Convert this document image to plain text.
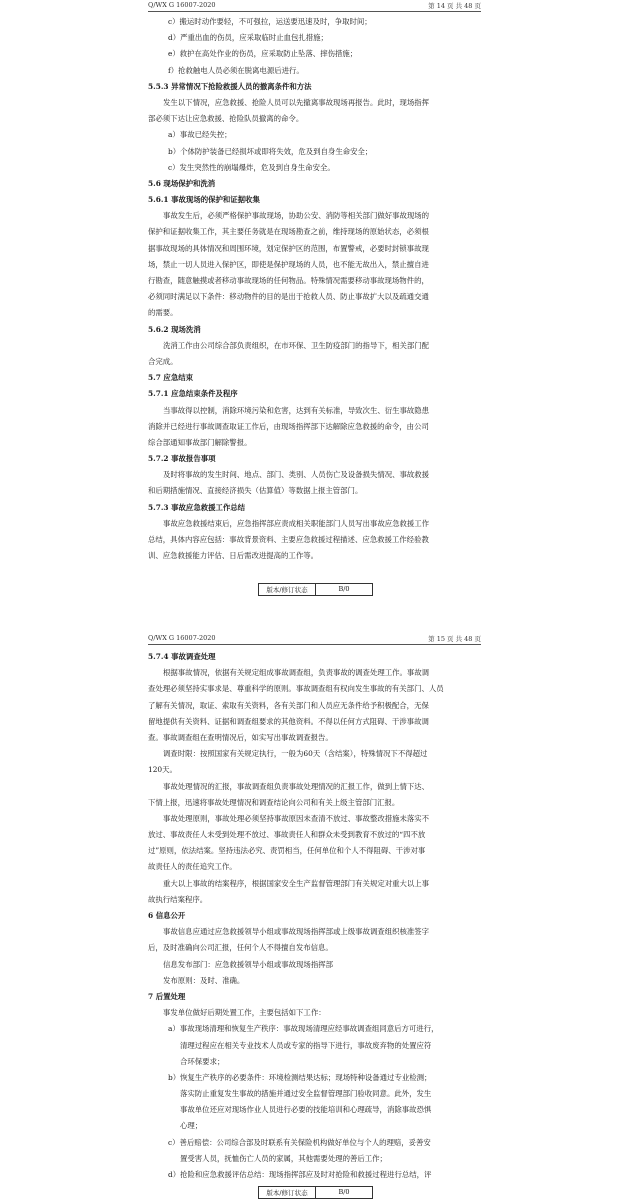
Q/WX G 16007-2020	第 14 页 共 48 页
c）搬运时动作要轻，不可强拉，运送要迅速及时，争取时间；
d）严重出血的伤员，应采取临时止血包扎措施；
e）救护在高处作业的伤员，应采取防止坠落、摔伤措施；
f）抢救触电人员必须在脱离电源后进行。
5.5.3 异常情况下抢险救援人员的撤离条件和方法
发生以下情况，应急救援、抢险人员可以先撤离事故现场再报告。此时，现场指挥
部必须下达让应急救援、抢险队员撤离的命令。
a）事故已经失控；
b）个体防护装备已经损坏或即将失效，危及到自身生命安全；
c）发生突然性的崩塌爆炸，危及到自身生命安全。
5.6 现场保护和洗消
5.6.1 事故现场的保护和证据收集
事故发生后，必须严格保护事故现场，协助公安、消防等相关部门做好事故现场的
保护和证据收集工作，其主要任务就是在现场勘查之前，维持现场的原始状态，必须根
据事故现场的具体情况和周围环境，划定保护区的范围，布置警戒，必要时封锁事故现
场，禁止一切人员进入保护区，即使是保护现场的人员，也不能无故出入，禁止擅自进
行勘查，随意触摸或者移动事故现场的任何物品。特殊情况需要移动事故现场物件的，
必须同时满足以下条件：移动物件的目的是出于抢救人员、防止事故扩大以及疏通交通
的需要。
5.6.2 现场洗消
洗消工作由公司综合部负责组织，在市环保、卫生防疫部门的指导下，相关部门配
合完成。
5.7 应急结束
5.7.1 应急结束条件及程序
当事故得以控制，消除环境污染和危害，达到有关标准，导致次生、衍生事故隐患
消除并已经进行事故调查取证工作后，由现场指挥部下达解除应急救援的命令，由公司
综合部通知事故部门解除警报。
5.7.2 事故报告事项
及时将事故的发生时间、地点、部门、类别、人员伤亡及设备损失情况、事故救援
和后期措施情况、直接经济损失（估算值）等数据上报主管部门。
5.7.3 事故应急救援工作总结
事故应急救援结束后，应急指挥部应责成相关职能部门人员写出事故应急救援工作
总结，具体内容应包括：事故背景资料、主要应急救援过程描述、应急救援工作经验教
训、应急救援能力评估、日后需改进提高的工作等。
版本/修订状态	B/0
Q/WX G 16007-2020	第 15 页 共 48 页
5.7.4 事故调查处理
根据事故情况，依据有关规定组成事故调查组，负责事故的调查处理工作。事故调
查处理必须坚持实事求是、尊重科学的原则。事故调查组有权向发生事故的有关部门、人员
了解有关情况，取证、索取有关资料，各有关部门和人员应无条件给予积极配合，无保
留地提供有关资料、证据和调查组要求的其他资料。不得以任何方式阻碍、干涉事故调
查。事故调查组在查明情况后，如实写出事故调查报告。
调查时限：按照国家有关规定执行，一般为60天（含结案），特殊情况下不得超过
120天。
事故处理情况的汇报，事故调查组负责事故处理情况的汇报工作，做到上情下达、
下情上报，迅速将事故处理情况和调查结论向公司和有关上级主管部门汇报。
事故处理原则，事故处理必须坚持事故原因未查清不放过、事故整改措施未落实不
放过、事故责任人未受到处理不放过、事故责任人和群众未受到教育不放过的“四不放
过”原则，依法结案。坚持违法必究、责罚相当，任何单位和个人不得阻碍、干涉对事
故责任人的责任追究工作。
重大以上事故的结案程序，根据国家安全生产监督管理部门有关规定对重大以上事
故执行结案程序。
6 信息公开
事故信息应通过应急救援领导小组或事故现场指挥部或上级事故调查组织核准签字
后，及时准确向公司汇报，任何个人不得擅自发布信息。
信息发布部门：应急救援领导小组或事故现场指挥部
发布原则：及时、准确。
7 后置处理
事发单位做好后期处置工作，主要包括如下工作：
a）事故现场清理和恢复生产秩序：事故现场清理应经事故调查组同意后方可进行，
清理过程应在相关专业技术人员或专家的指导下进行，事故废弃物的处置应符
合环保要求；
b）恢复生产秩序的必要条件：环境检测结果达标；现场特种设备通过专业检测；
落实防止重复发生事故的措施并通过安全监督管理部门验收同意。此外，发生
事故单位还应对现场作业人员进行必要的技能培训和心理疏导，消除事故恐惧
心理；
c）善后赔偿：公司综合部及时联系有关保险机构做好单位与个人的理赔，妥善安
置受害人员，抚恤伤亡人员的家属，其他需要处理的善后工作；
d）抢险和应急救援评估总结：现场指挥部应及时对抢险和救援过程进行总结，评
版本/修订状态	B/0
